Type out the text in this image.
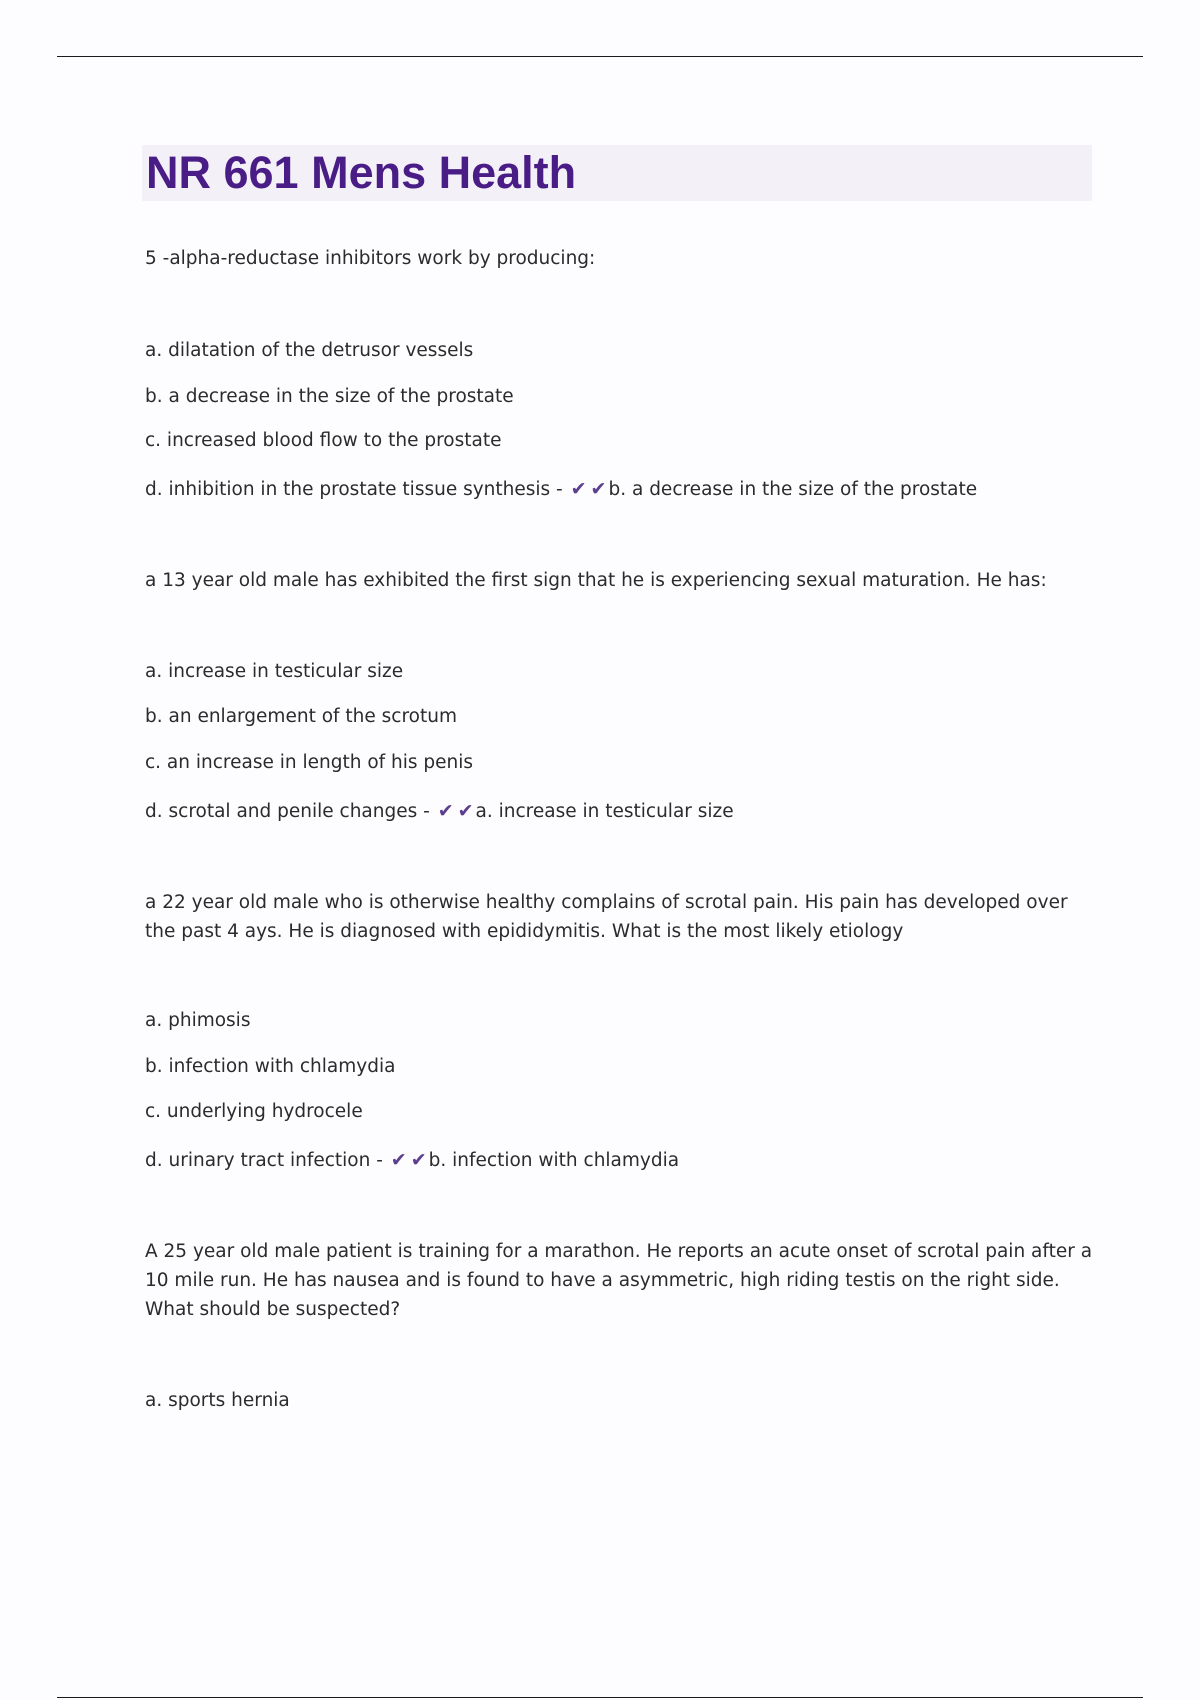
NR 661 Mens Health
5 -alpha-reductase inhibitors work by producing:
a. dilatation of the detrusor vessels
b. a decrease in the size of the prostate
c. increased blood flow to the prostate
d. inhibition in the prostate tissue synthesis - ✔ ✔ b. a decrease in the size of the prostate
a 13 year old male has exhibited the first sign that he is experiencing sexual maturation. He has:
a. increase in testicular size
b. an enlargement of the scrotum
c. an increase in length of his penis
d. scrotal and penile changes - ✔ ✔ a. increase in testicular size
a 22 year old male who is otherwise healthy complains of scrotal pain. His pain has developed over the past 4 ays. He is diagnosed with epididymitis. What is the most likely etiology
a. phimosis
b. infection with chlamydia
c. underlying hydrocele
d. urinary tract infection - ✔ ✔ b. infection with chlamydia
A 25 year old male patient is training for a marathon. He reports an acute onset of scrotal pain after a 10 mile run. He has nausea and is found to have a asymmetric, high riding testis on the right side. What should be suspected?
a. sports hernia
